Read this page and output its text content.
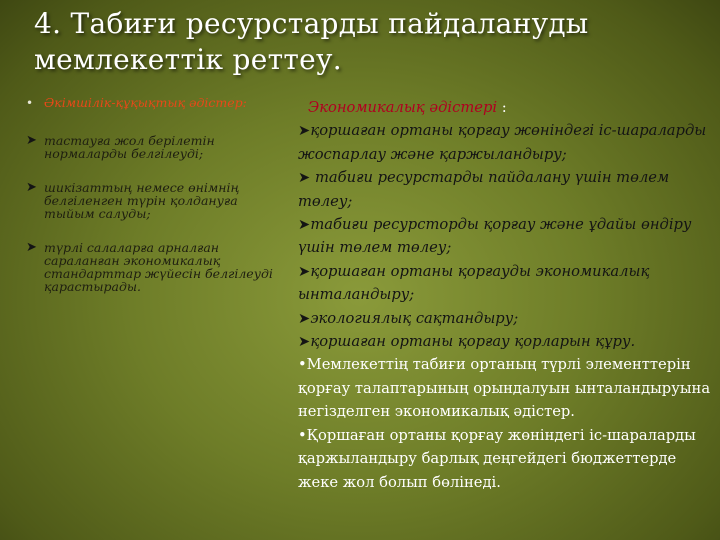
4. Табиғи ресурстарды пайдалануды мемлекеттік реттеу.
• Әкімшілік-құқықтық әдістер:
➤ тастауға жол берілетін нормаларды белгілеуді;
➤ шикізаттың немесе өнімнің белгіленген түрін қолдануға тыйым салуды;
➤ түрлі салаларға арналған сараланған экономикалық стандарттар жүйесін белгілеуді қарастырады.
Экономикалық әдістері :
➤қоршаған ортаны қорғау жөніндегі іс-шараларды жоспарлау және қаржыландыру;
➤ табиғи ресурстарды пайдалану үшін төлем төлеу;
➤табиғи ресурсторды қорғау және ұдайы өндіру үшін төлем төлеу;
➤қоршаған ортаны қорғауды экономикалық ынталандыру;
➤экологиялық сақтандыру;
➤қоршаған ортаны қорғау қорларын құру.
•Мемлекеттің табиғи ортаның түрлі элементтерін қорғау талаптарының орындалуын ынталандыруына негізделген экономикалық әдістер.
•Қоршаған ортаны қорғау жөніндегі іс-шараларды қаржыландыру барлық деңгейдегі бюджеттерде жеке жол болып бөлінеді.
